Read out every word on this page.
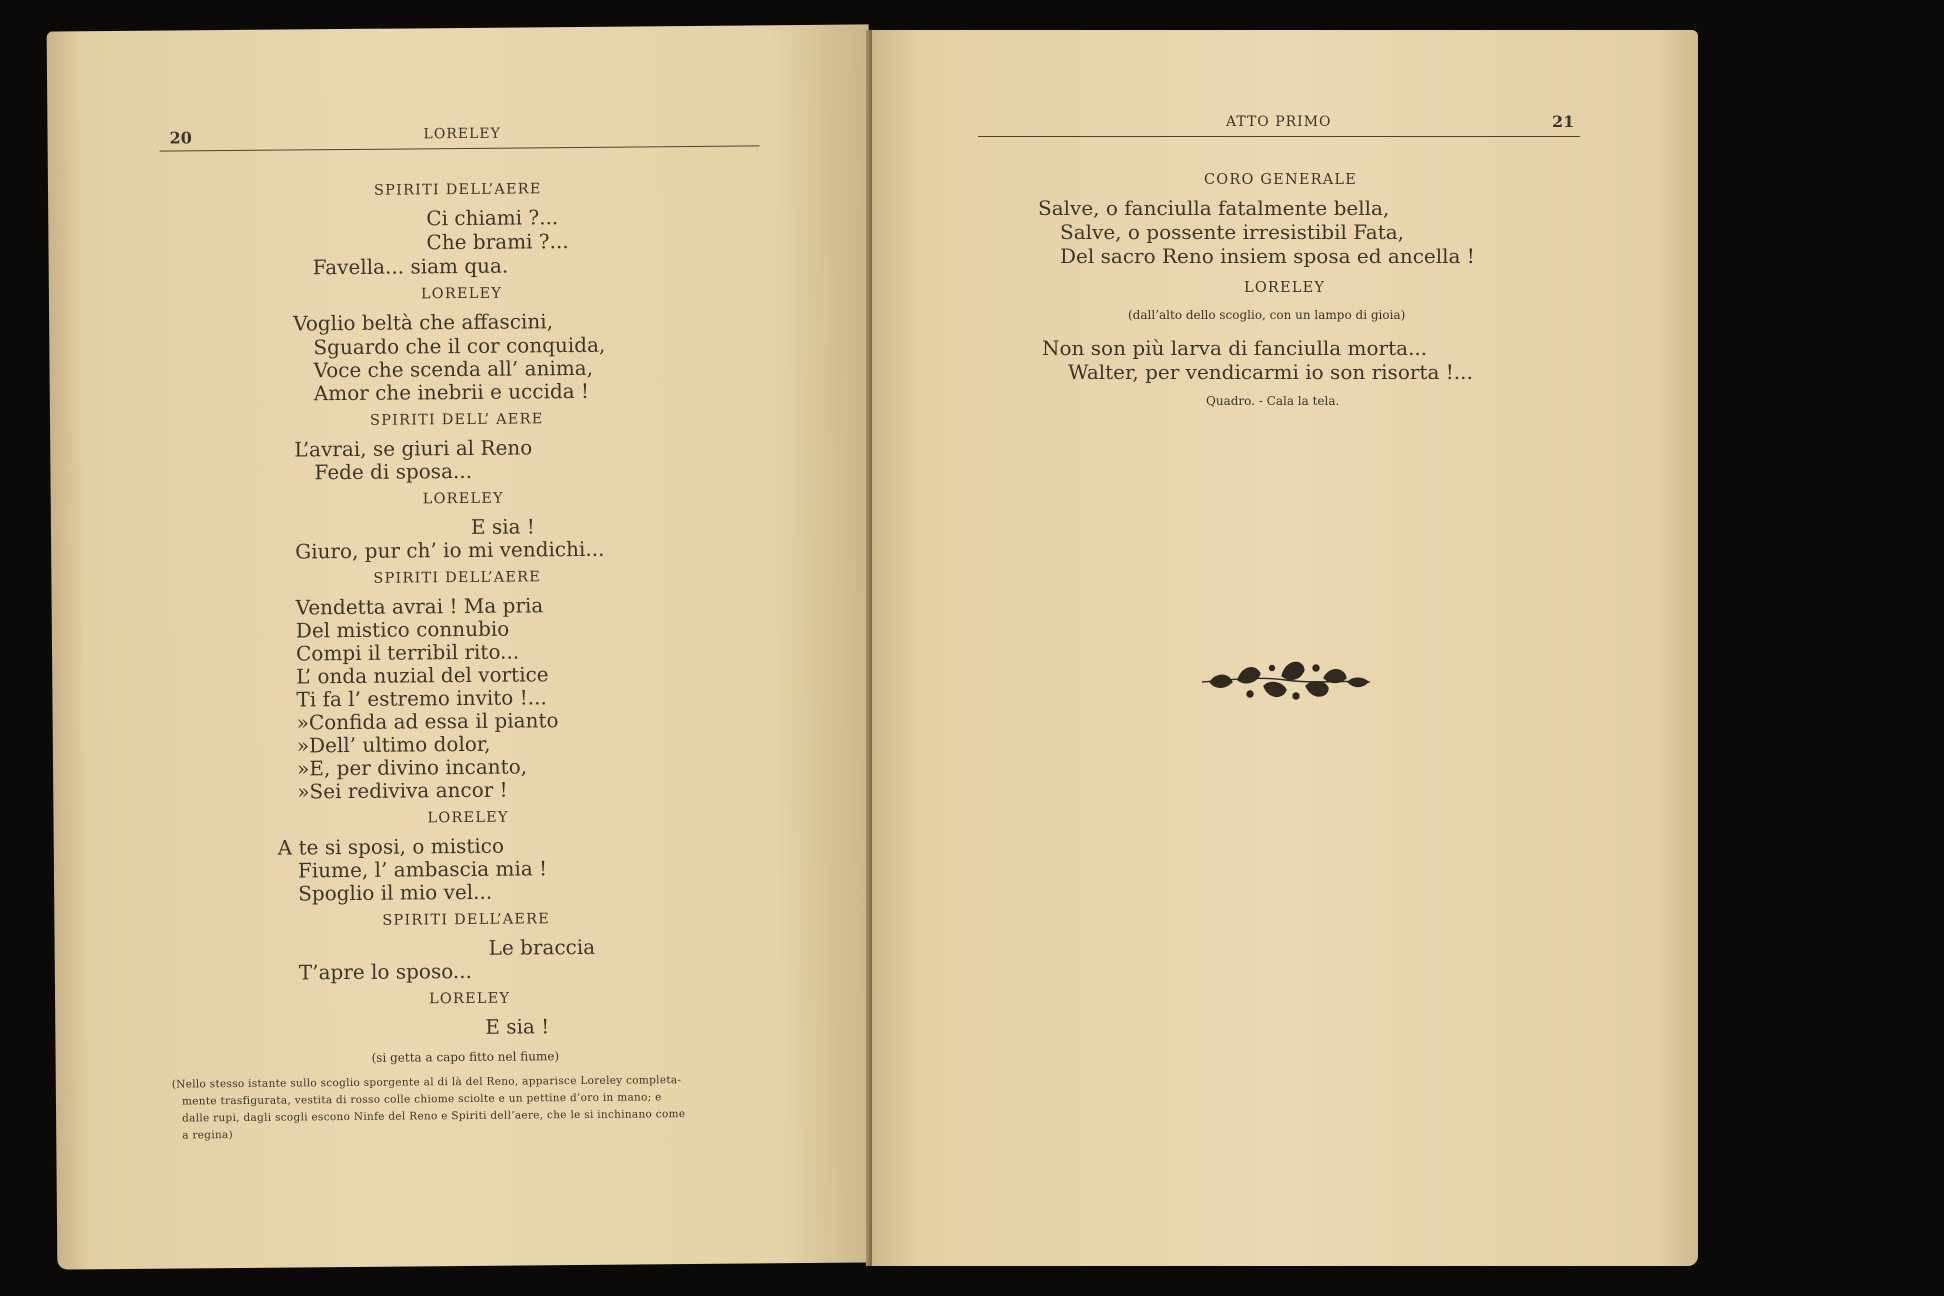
20	LORELEY
SPIRITI DELL’AERE
Ci chiami ?...
Che brami ?...
Favella... siam qua.
LORELEY
Voglio beltà che affascini,
Sguardo che il cor conquida,
Voce che scenda all’ anima,
Amor che inebrii e uccida !
SPIRITI DELL’ AERE
L’avrai, se giuri al Reno
Fede di sposa...
LORELEY
E sia !
Giuro, pur ch’ io mi vendichi...
SPIRITI DELL’AERE
Vendetta avrai ! Ma pria
Del mistico connubio
Compi il terribil rito...
L’ onda nuzial del vortice
Ti fa l’ estremo invito !...
»Confida ad essa il pianto
»Dell’ ultimo dolor,
»E, per divino incanto,
»Sei rediviva ancor !
LORELEY
A te si sposi, o mistico
Fiume, l’ ambascia mia !
Spoglio il mio vel...
SPIRITI DELL’AERE
Le braccia
T’apre lo sposo...
LORELEY
E sia !
(si getta a capo fitto nel fiume)
(Nello stesso istante sullo scoglio sporgente al di là del Reno, apparisce Loreley completa-
mente trasfigurata, vestita di rosso colle chiome sciolte e un pettine d’oro in mano; e
dalle rupi, dagli scogli escono Ninfe del Reno e Spiriti dell’aere, che le si inchinano come
a regina)
ATTO PRIMO	21
CORO GENERALE
Salve, o fanciulla fatalmente bella,
Salve, o possente irresistibil Fata,
Del sacro Reno insiem sposa ed ancella !
LORELEY
(dall’alto dello scoglio, con un lampo di gioia)
Non son più larva di fanciulla morta...
Walter, per vendicarmi io son risorta !...
Quadro. - Cala la tela.
